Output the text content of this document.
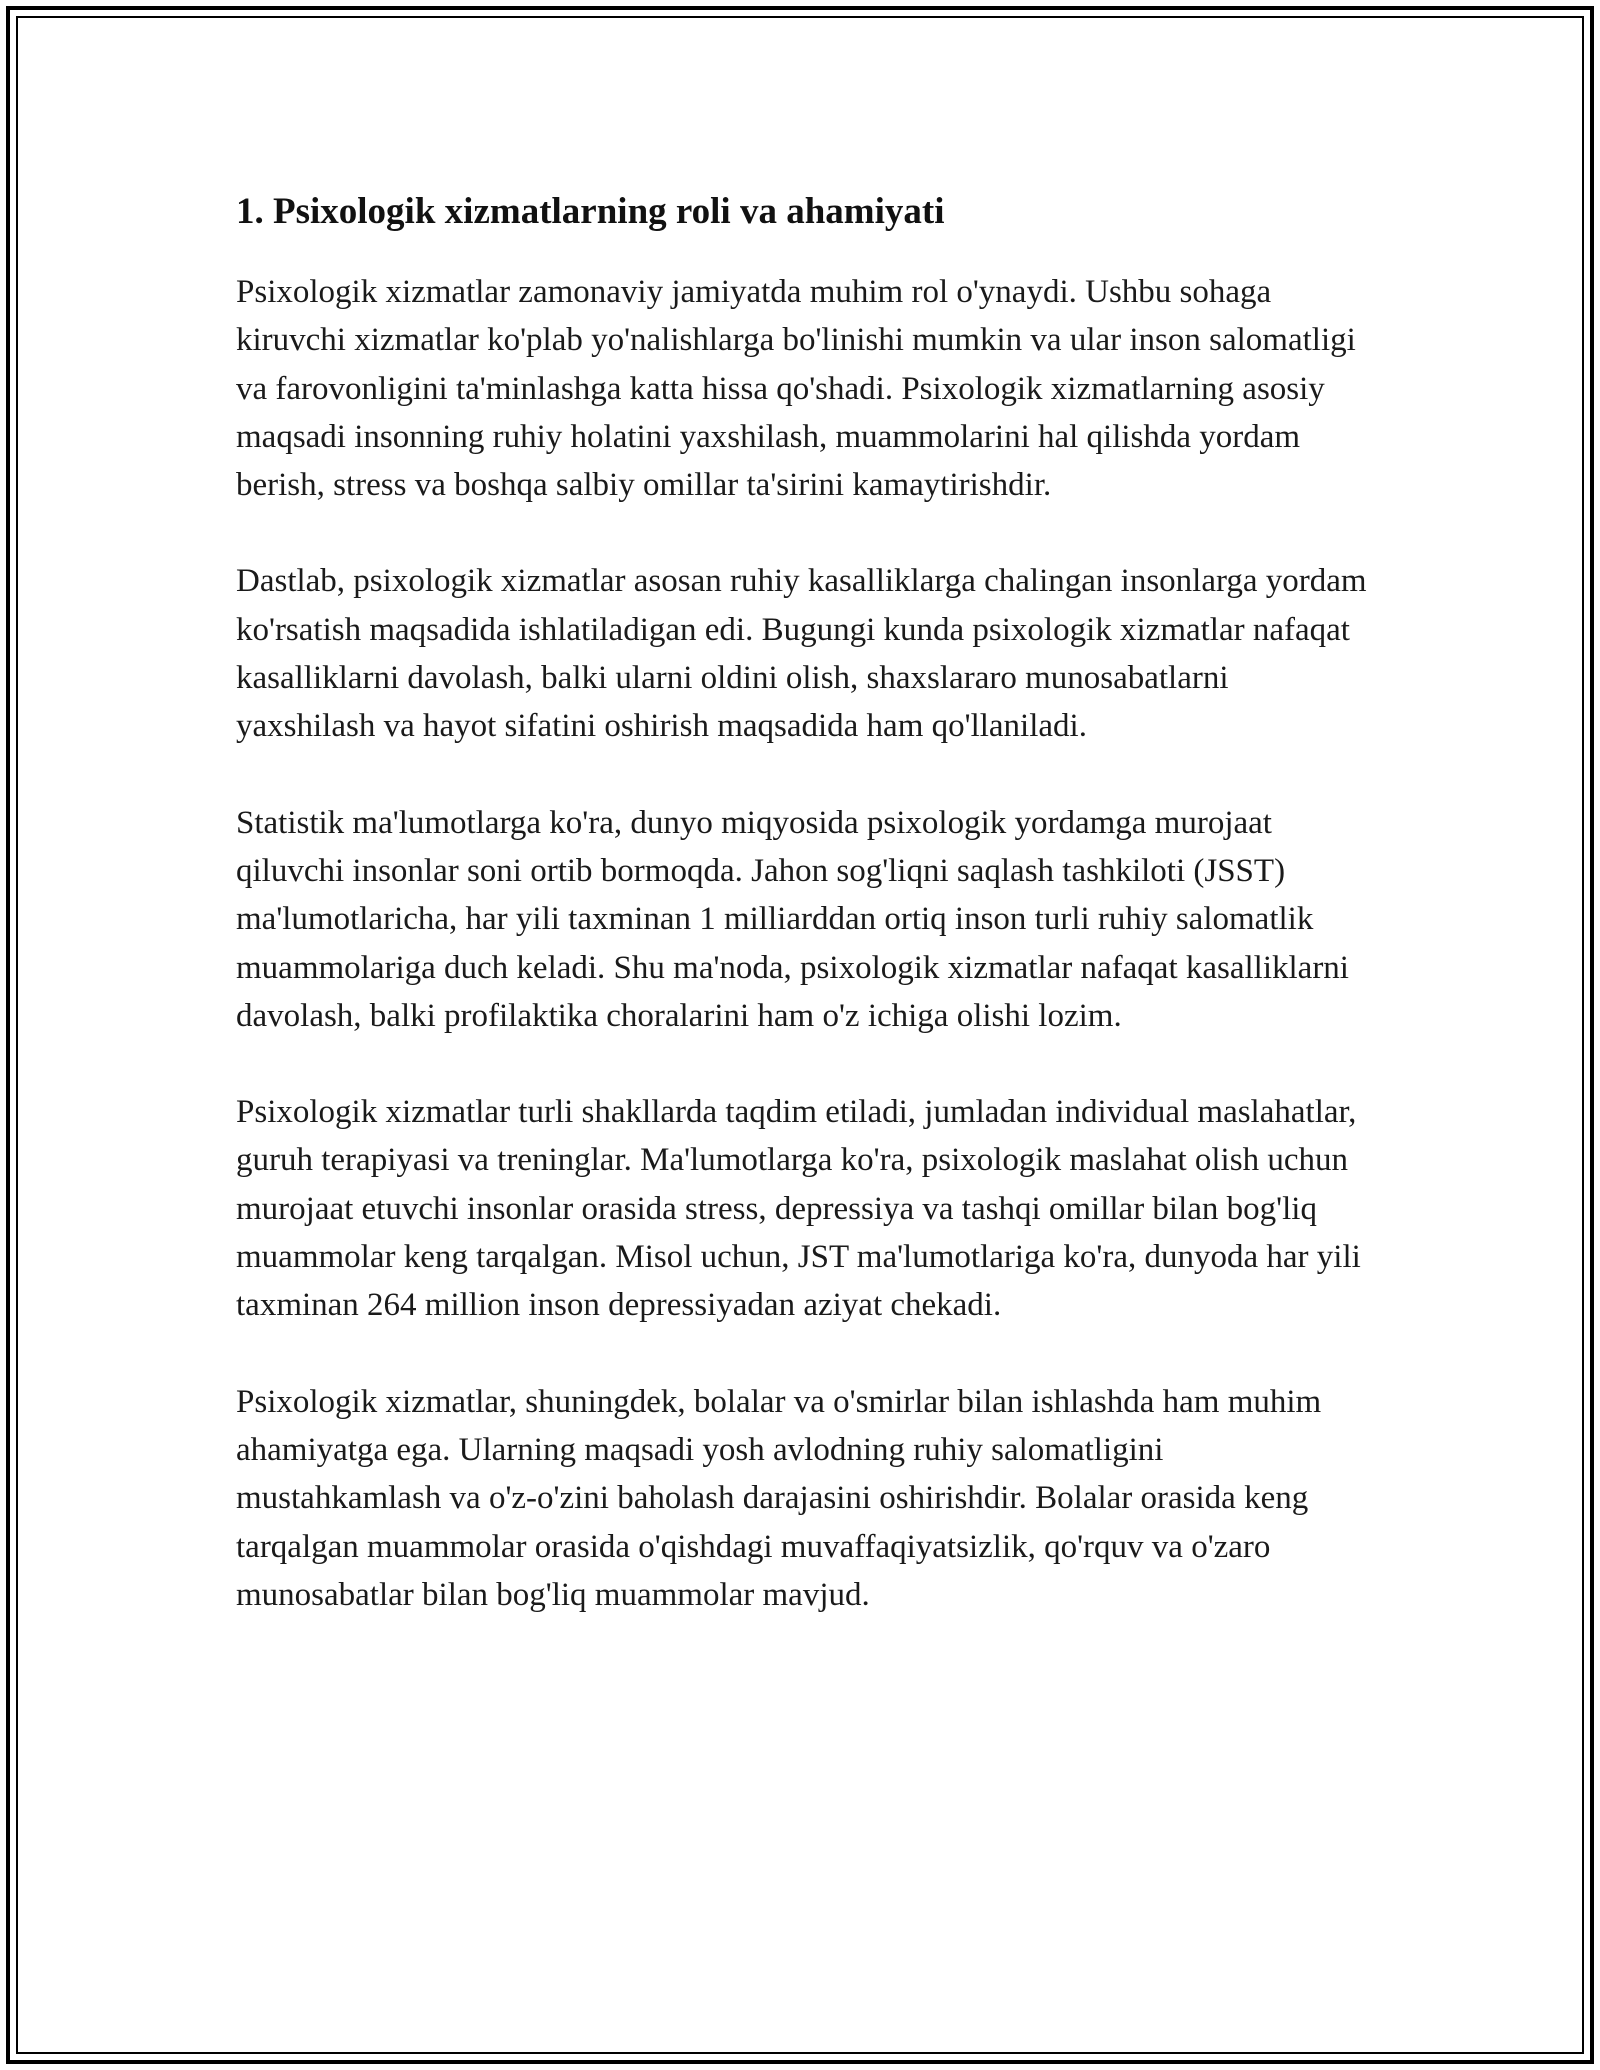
1. Psixologik xizmatlarning roli va ahamiyati

Psixologik xizmatlar zamonaviy jamiyatda muhim rol o'ynaydi. Ushbu sohaga kiruvchi xizmatlar ko'plab yo'nalishlarga bo'linishi mumkin va ular inson salomatligi va farovonligini ta'minlashga katta hissa qo'shadi. Psixologik xizmatlarning asosiy maqsadi insonning ruhiy holatini yaxshilash, muammolarini hal qilishda yordam berish, stress va boshqa salbiy omillar ta'sirini kamaytirishdir.

Dastlab, psixologik xizmatlar asosan ruhiy kasalliklarga chalingan insonlarga yordam ko'rsatish maqsadida ishlatiladigan edi. Bugungi kunda psixologik xizmatlar nafaqat kasalliklarni davolash, balki ularni oldini olish, shaxslararo munosabatlarni yaxshilash va hayot sifatini oshirish maqsadida ham qo'llaniladi.

Statistik ma'lumotlarga ko'ra, dunyo miqyosida psixologik yordamga murojaat qiluvchi insonlar soni ortib bormoqda. Jahon sog'liqni saqlash tashkiloti (JSST) ma'lumotlaricha, har yili taxminan 1 milliarddan ortiq inson turli ruhiy salomatlik muammolariga duch keladi. Shu ma'noda, psixologik xizmatlar nafaqat kasalliklarni davolash, balki profilaktika choralarini ham o'z ichiga olishi lozim.

Psixologik xizmatlar turli shakllarda taqdim etiladi, jumladan individual maslahatlar, guruh terapiyasi va treninglar. Ma'lumotlarga ko'ra, psixologik maslahat olish uchun murojaat etuvchi insonlar orasida stress, depressiya va tashqi omillar bilan bog'liq muammolar keng tarqalgan. Misol uchun, JST ma'lumotlariga ko'ra, dunyoda har yili taxminan 264 million inson depressiyadan aziyat chekadi.

Psixologik xizmatlar, shuningdek, bolalar va o'smirlar bilan ishlashda ham muhim ahamiyatga ega. Ularning maqsadi yosh avlodning ruhiy salomatligini mustahkamlash va o'z-o'zini baholash darajasini oshirishdir. Bolalar orasida keng tarqalgan muammolar orasida o'qishdagi muvaffaqiyatsizlik, qo'rquv va o'zaro munosabatlar bilan bog'liq muammolar mavjud.
